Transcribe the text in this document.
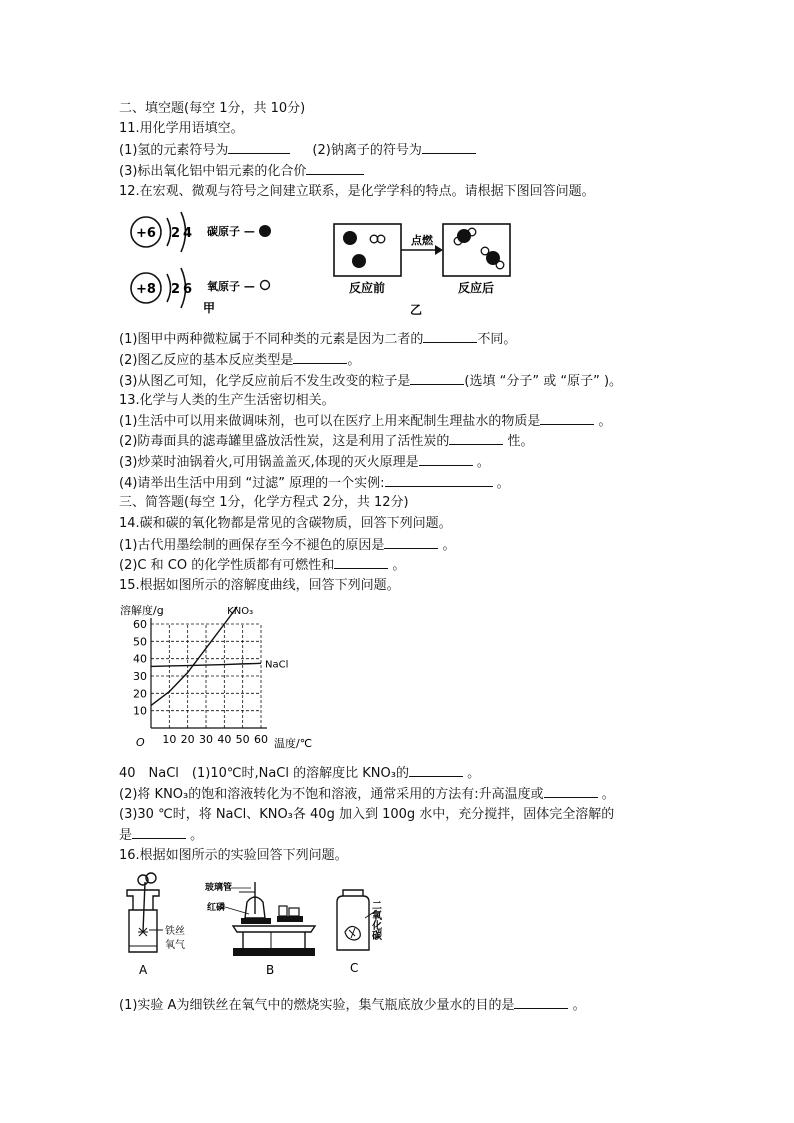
二、填空题(每空 1分，共 10分)
11.用化学用语填空。
(1)氢的元素符号为	(2)钠离子的符号为
(3)标出氧化铝中铝元素的化合价
12.在宏观、微观与符号之间建立联系，是化学学科的特点。请根据下图回答问题。
+6 2 4 碳原子 —
+8 2 6 氧原子 —
甲
点燃
反应前	反应后
乙
(1)图甲中两种微粒属于不同种类的元素是因为二者的	不同。
(2)图乙反应的基本反应类型是	。
(3)从图乙可知，化学反应前后不发生改变的粒子是	(选填 “分子” 或 “原子” )。
13.化学与人类的生产生活密切相关。
(1)生活中可以用来做调味剂，也可以在医疗上用来配制生理盐水的物质是	。
(2)防毒面具的滤毒罐里盛放活性炭，这是利用了活性炭的	性。
(3)炒菜时油锅着火,可用锅盖盖灭,体现的灭火原理是	。
(4)请举出生活中用到 “过滤” 原理的一个实例:	。
三、简答题(每空 1分，化学方程式 2分，共 12分)
14.碳和碳的氧化物都是常见的含碳物质，回答下列问题。
(1)古代用墨绘制的画保存至今不褪色的原因是	。
(2)C 和 CO 的化学性质都有可燃性和	。
15.根据如图所示的溶解度曲线，回答下列问题。
溶解度/g
温度/℃
O 10 20 30 40 50 60
10
20
30
40
50
60
KNO₃
NaCl
40　NaCl　(1)10℃时,NaCl 的溶解度比 KNO₃的	。
(2)将 KNO₃的饱和溶液转化为不饱和溶液，通常采用的方法有:升高温度或	。
(3)30 ℃时，将 NaCl、KNO₃各 40g 加入到 100g 水中，充分搅拌，固体完全溶解的
是	。
16.根据如图所示的实验回答下列问题。
铁丝
氧气
A
玻璃管
红磷
B
二氧化碳
C
(1)实验 A为细铁丝在氧气中的燃烧实验，集气瓶底放少量水的目的是	。
